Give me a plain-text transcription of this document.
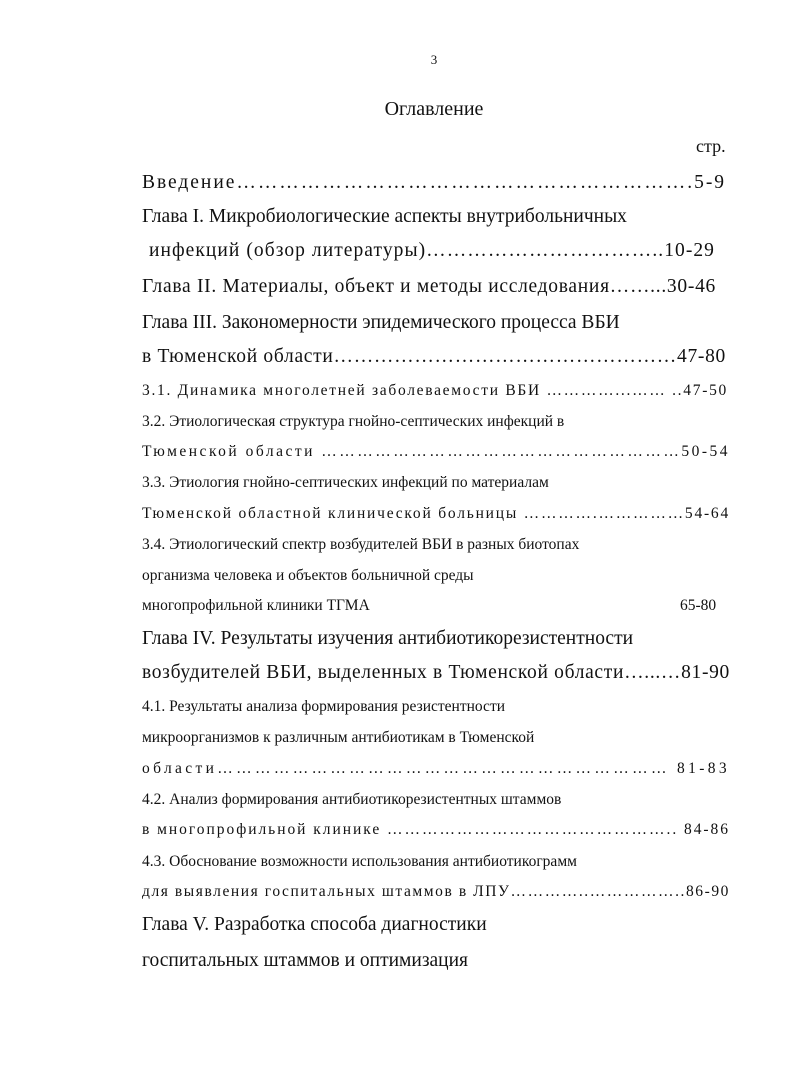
3
Оглавление
стр.
Введение……………………………………………………….5-9
Глава I. Микробиологические аспекты внутрибольничных
инфекций (обзор литературы)……………………………..10-29
Глава II. Материалы, объект и методы исследования……...30-46
Глава III. Закономерности эпидемического процесса ВБИ
в Тюменской области……………………………………………47-80
3.1. Динамика многолетней заболеваемости ВБИ …………...…… ..47-50
3.2. Этиологическая структура гнойно-септических инфекций в
Тюменской области ……………………………………………………50-54
3.3. Этиология гнойно-септических инфекций по материалам
Тюменской областной клинической больницы ………….……………54-64
3.4. Этиологический спектр возбудителей ВБИ в разных биотопах
организма человека и объектов больничной среды
многопрофильной клиники ТГМА	65-80
Глава IV. Результаты изучения антибиотикорезистентности
возбудителей ВБИ, выделенных в Тюменской области…...…81-90
4.1. Результаты анализа формирования резистентности
микроорганизмов к различным антибиотикам в Тюменской
области……………………………………………………………… 81-83
4.2. Анализ формирования антибиотикорезистентных штаммов
в многопрофильной клинике ………………………………………….. 84-86
4.3. Обоснование возможности использования антибиотикограмм
для выявления госпитальных штаммов в ЛПУ…………..……………..86-90
Глава V. Разработка способа диагностики
госпитальных штаммов и оптимизация
